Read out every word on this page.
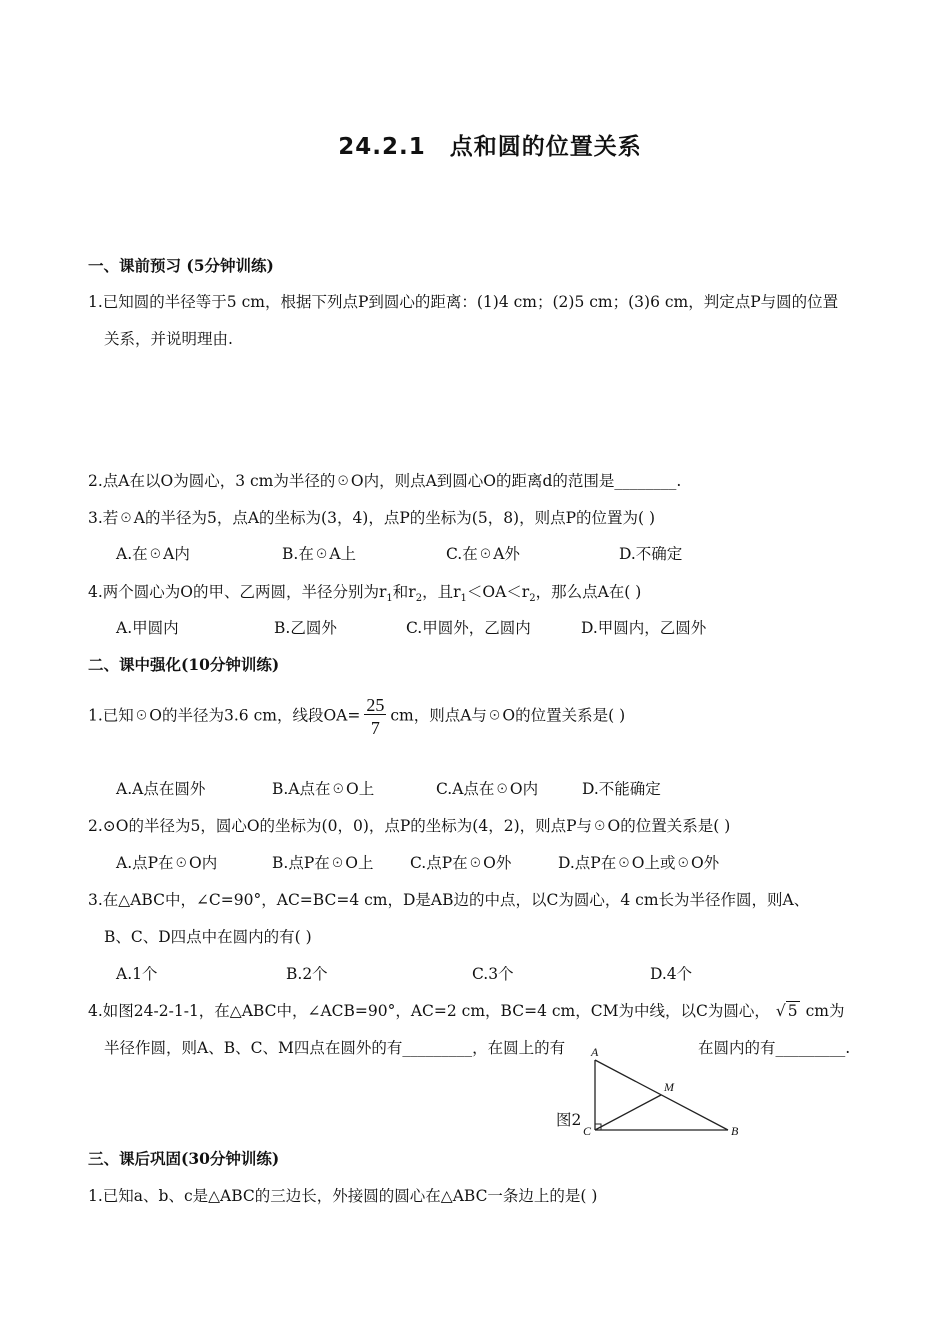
24.2.1　点和圆的位置关系
一、课前预习 (5分钟训练)
1.已知圆的半径等于5 cm，根据下列点P到圆心的距离：(1)4 cm；(2)5 cm；(3)6 cm，判定点P与圆的位置
关系，并说明理由.
2.点A在以O为圆心，3 cm为半径的☉O内，则点A到圆心O的距离d的范围是________.
3.若☉A的半径为5，点A的坐标为(3，4)，点P的坐标为(5，8)，则点P的位置为( )
A.在☉A内	B.在☉A上	C.在☉A外	D.不确定
4.两个圆心为O的甲、乙两圆，半径分别为$r_1$和$r_2$，且$r_1<OA<r_2$，那么点A在( )
A.甲圆内	B.乙圆外	C.甲圆外，乙圆内	D.甲圆内，乙圆外
二、课中强化(10分钟训练)
1.已知☉O的半径为3.6 cm，线段$OA= \frac{25}{7}$ cm，则点A与☉O的位置关系是( )
A.A点在圆外	B.A点在☉O上	C.A点在☉O内	D.不能确定
2.⊙O的半径为5，圆心O的坐标为(0，0)，点P的坐标为(4，2)，则点P与☉O的位置关系是( )
A.点P在☉O内	B.点P在☉O上 C.点P在☉O外	D.点P在☉O上或☉O外
3.在△ABC中，∠C=90°，AC=BC=4 cm，D是AB边的中点，以C为圆心，4 cm长为半径作圆，则A、
B、C、D四点中在圆内的有( )
A.1个	B.2个	C.3个	D.4个
4.如图24-2-1-1，在△ABC中，∠ACB=90°，AC=2 cm，BC=4 cm，CM为中线，以C为圆心， √ 5 cm为
半径作圆，则A、B、C、M四点在圆外的有_________，在圆上的有	在圆内的有_________.
A
M
C	B
图2
三、课后巩固(30分钟训练)
1.已知a、b、c是△ABC的三边长，外接圆的圆心在△ABC一条边上的是( )
